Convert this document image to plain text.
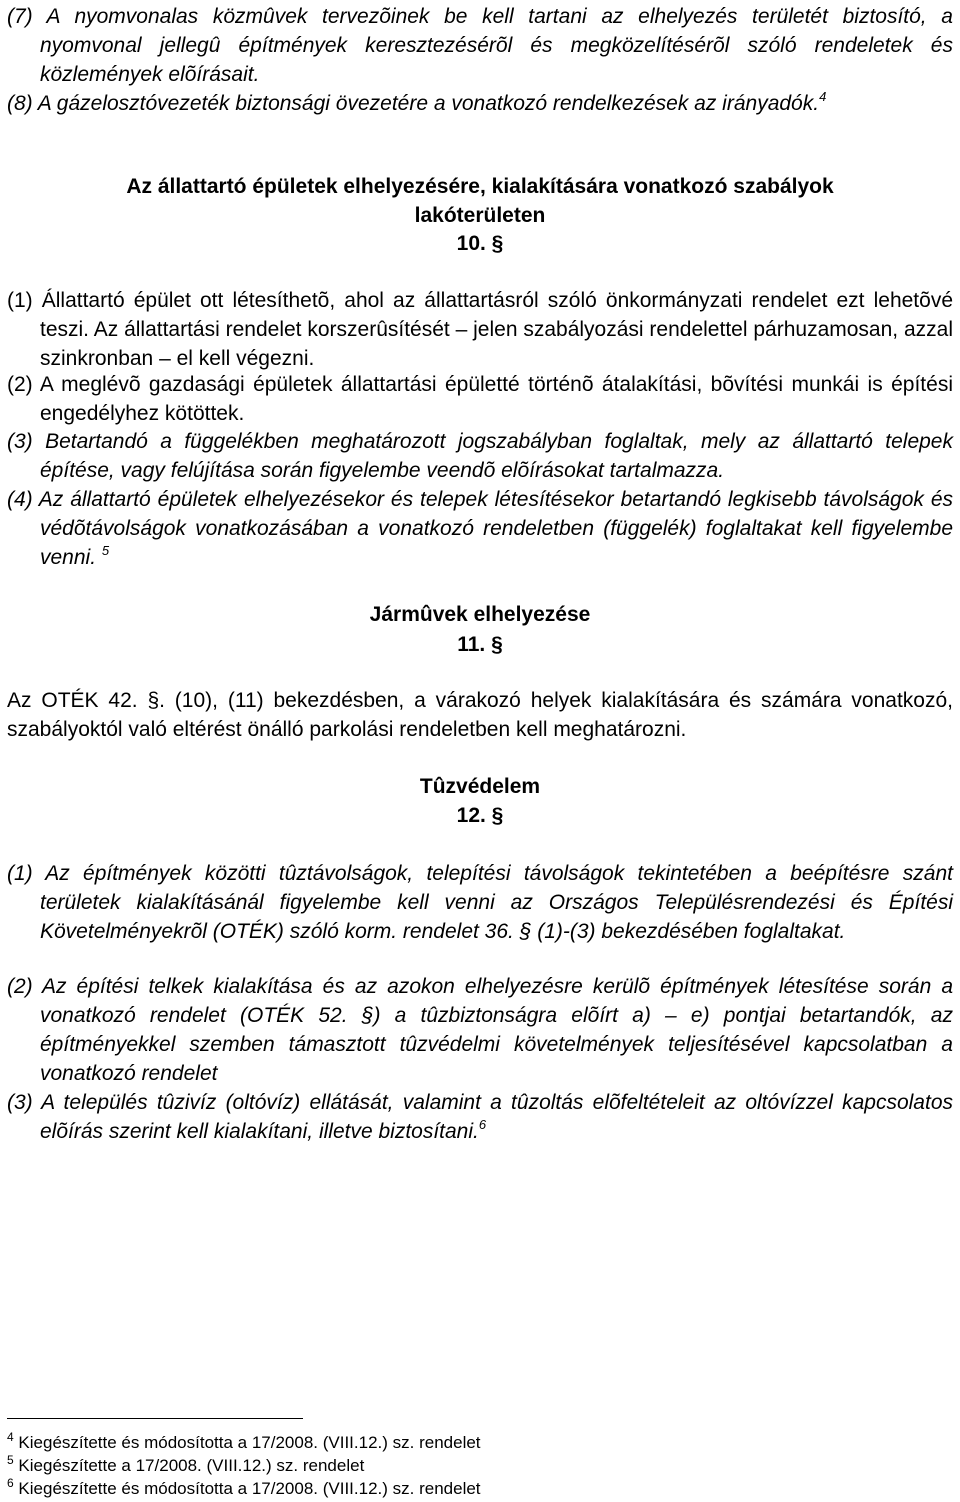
(7) A nyomvonalas közmûvek tervezõinek be kell tartani az elhelyezés területét biztosító, a nyomvonal jellegû építmények keresztezésérõl és megközelítésérõl szóló rendeletek és közlemények elõírásait.

(8) A gázelosztóvezeték biztonsági övezetére a vonatkozó rendelkezések az irányadók.$^4$

Az állattartó épületek elhelyezésére, kialakítására vonatkozó szabályok lakóterületen

10. §

(1) Állattartó épület ott létesíthetõ, ahol az állattartásról szóló önkormányzati rendelet ezt lehetõvé teszi. Az állattartási rendelet korszerûsítését – jelen szabályozási rendelettel párhuzamosan, azzal szinkronban – el kell végezni.

(2) A meglévõ gazdasági épületek állattartási épületté történõ átalakítási, bõvítési munkái is építési engedélyhez kötöttek.

(3) Betartandó a függelékben meghatározott jogszabályban foglaltak, mely az állattartó telepek építése, vagy felújítása során figyelembe veendõ elõírásokat tartalmazza.

(4) Az állattartó épületek elhelyezésekor és telepek létesítésekor betartandó legkisebb távolságok és védõtávolságok vonatkozásában a vonatkozó rendeletben (függelék) foglaltakat kell figyelembe venni. $^5$

Jármûvek elhelyezése

11. §

Az OTÉK 42. §. (10), (11) bekezdésben, a várakozó helyek kialakítására és számára vonatkozó, szabályoktól való eltérést önálló parkolási rendeletben kell meghatározni.

Tûzvédelem

12. §

(1) Az építmények közötti tûztávolságok, telepítési távolságok tekintetében a beépítésre szánt területek kialakításánál figyelembe kell venni az Országos Településrendezési és Építési Követelményekrõl (OTÉK) szóló korm. rendelet 36. § (1)-(3) bekezdésében foglaltakat.

(2) Az építési telkek kialakítása és az azokon elhelyezésre kerülõ építmények létesítése során a vonatkozó rendelet (OTÉK 52. §) a tûzbiztonságra elõírt a) – e) pontjai betartandók, az építményekkel szemben támasztott tûzvédelmi követelmények teljesítésével kapcsolatban a vonatkozó rendelet

(3) A település tûzivíz (oltóvíz) ellátását, valamint a tûzoltás elõfeltételeit az oltóvízzel kapcsolatos elõírás szerint kell kialakítani, illetve biztosítani.$^6$

$^4$ Kiegészítette és módosította a 17/2008. (VIII.12.) sz. rendelet

$^5$ Kiegészítette a 17/2008. (VIII.12.) sz. rendelet

$^6$ Kiegészítette és módosította a 17/2008. (VIII.12.) sz. rendelet
